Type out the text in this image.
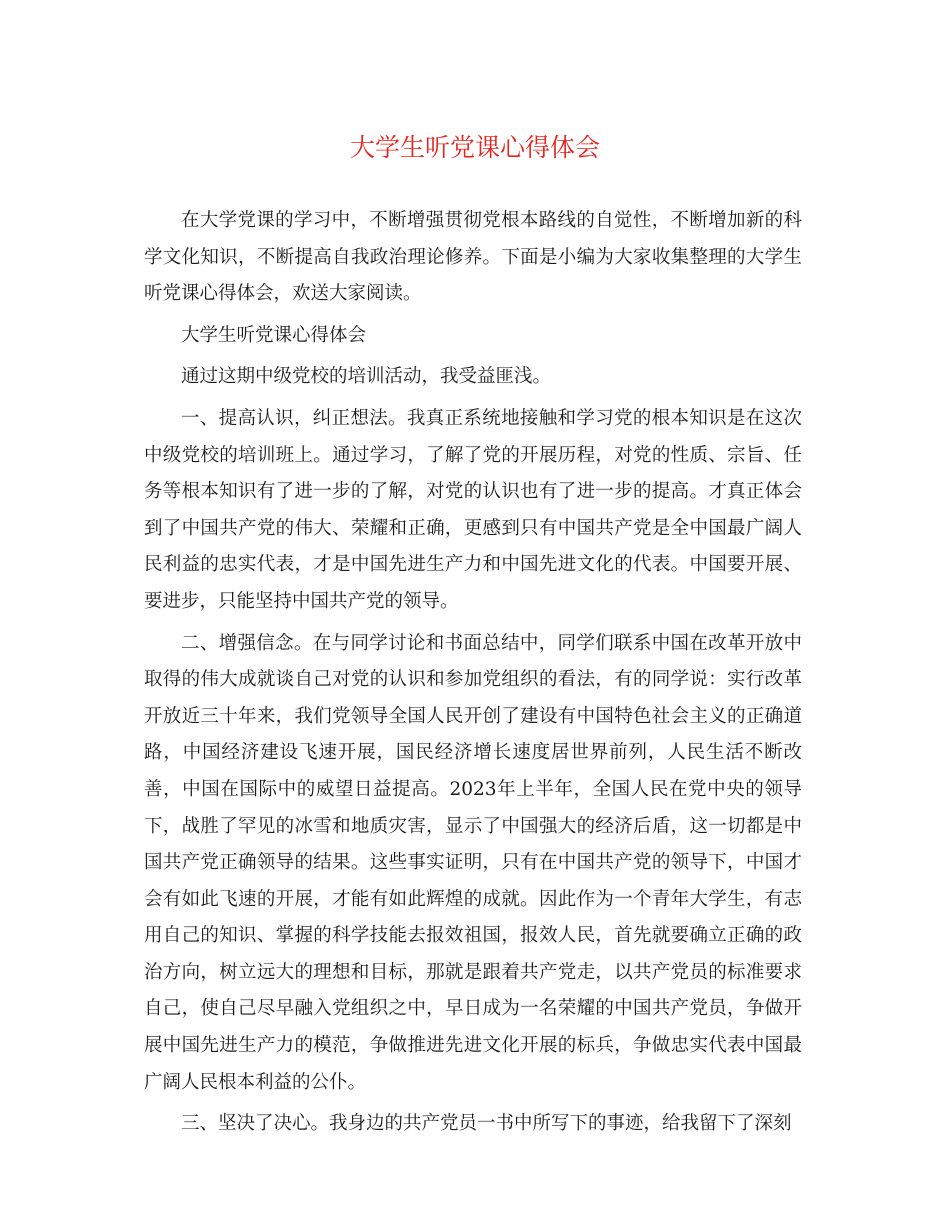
大学生听党课心得体会

在大学党课的学习中，不断增强贯彻党根本路线的自觉性，不断增加新的科学文化知识，不断提高自我政治理论修养。下面是小编为大家收集整理的大学生听党课心得体会，欢送大家阅读。

大学生听党课心得体会

通过这期中级党校的培训活动，我受益匪浅。

一、提高认识，纠正想法。我真正系统地接触和学习党的根本知识是在这次中级党校的培训班上。通过学习，了解了党的开展历程，对党的性质、宗旨、任务等根本知识有了进一步的了解，对党的认识也有了进一步的提高。才真正体会到了中国共产党的伟大、荣耀和正确，更感到只有中国共产党是全中国最广阔人民利益的忠实代表，才是中国先进生产力和中国先进文化的代表。中国要开展、要进步，只能坚持中国共产党的领导。

二、增强信念。在与同学讨论和书面总结中，同学们联系中国在改革开放中取得的伟大成就谈自己对党的认识和参加党组织的看法，有的同学说：实行改革开放近三十年来，我们党领导全国人民开创了建设有中国特色社会主义的正确道路，中国经济建设飞速开展，国民经济增长速度居世界前列，人民生活不断改善，中国在国际中的威望日益提高。2023年上半年，全国人民在党中央的领导下，战胜了罕见的冰雪和地质灾害，显示了中国强大的经济后盾，这一切都是中国共产党正确领导的结果。这些事实证明，只有在中国共产党的领导下，中国才会有如此飞速的开展，才能有如此辉煌的成就。因此作为一个青年大学生，有志用自己的知识、掌握的科学技能去报效祖国，报效人民，首先就要确立正确的政治方向，树立远大的理想和目标，那就是跟着共产党走，以共产党员的标准要求自己，使自己尽早融入党组织之中，早日成为一名荣耀的中国共产党员，争做开展中国先进生产力的模范，争做推进先进文化开展的标兵，争做忠实代表中国最广阔人民根本利益的公仆。

三、坚决了决心。我身边的共产党员一书中所写下的事迹，给我留下了深刻
